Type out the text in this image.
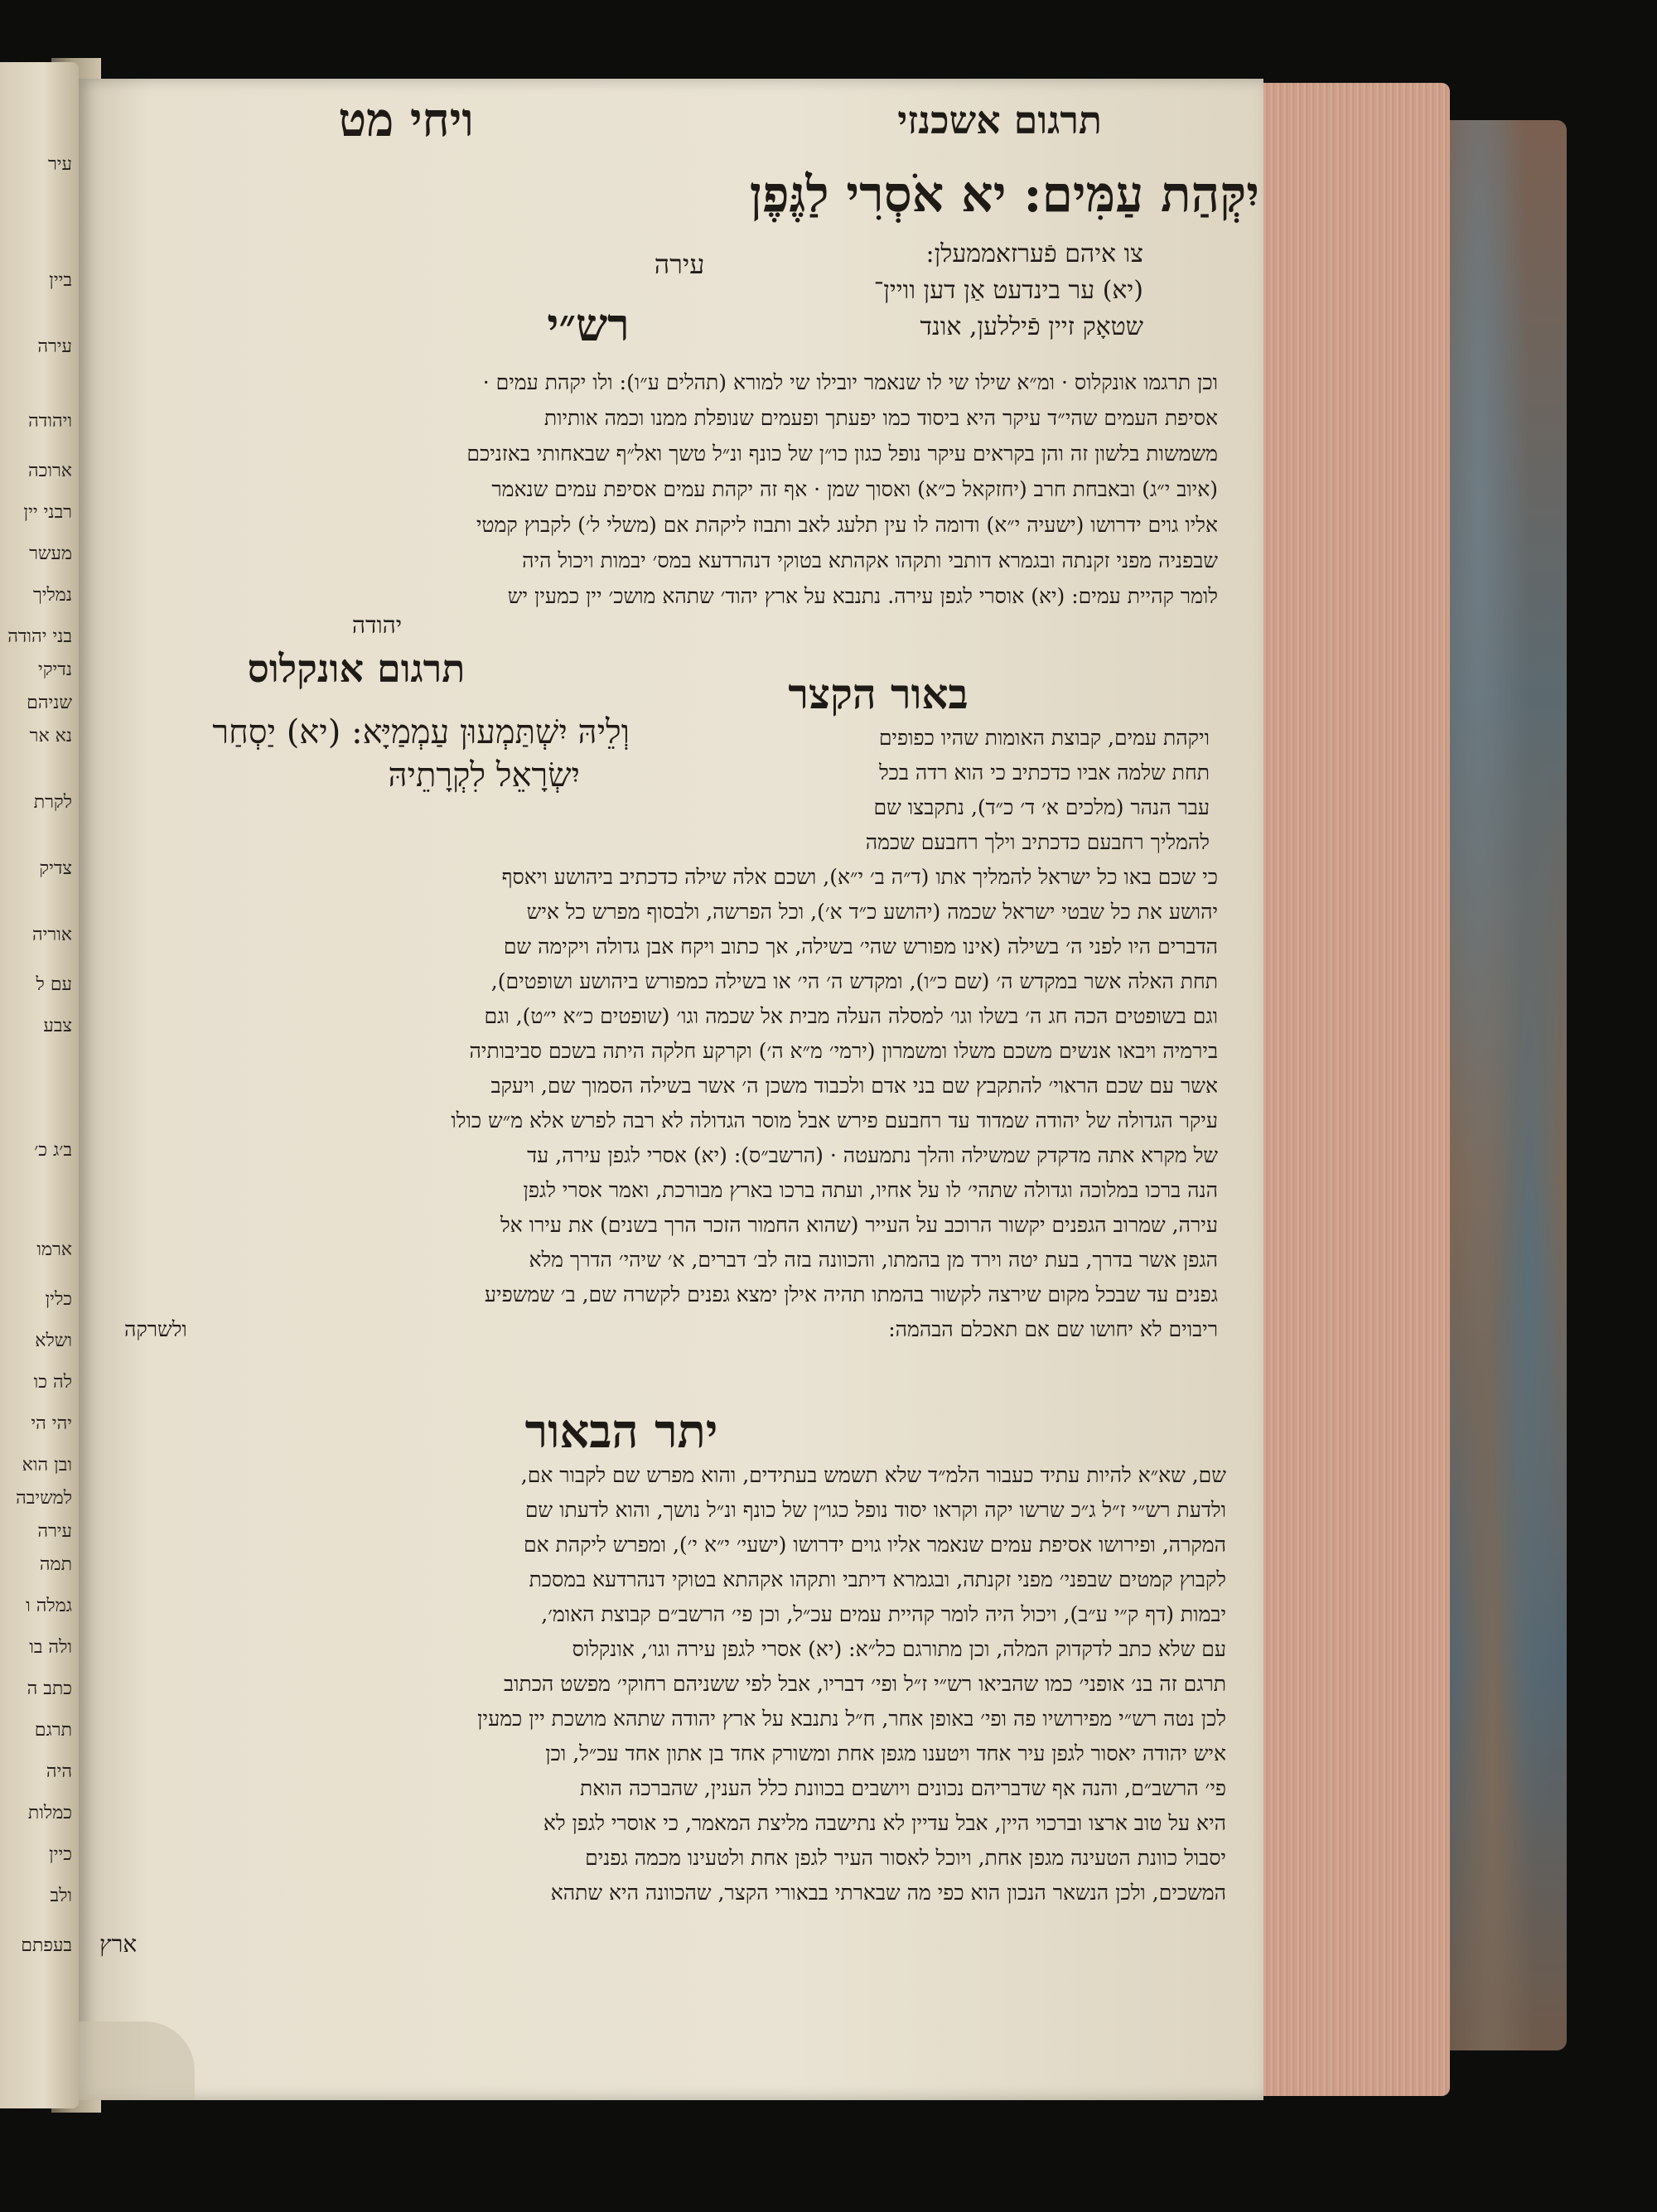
עיר
ביין
עירה
ויהודה
ארוכה
רבני יין
מעשר
נמליך
בני יהודה
נדיקי
שניהם
נא אר
לקרת
צדיק
אוריה
עם ל
צבע
ב׳ג כ׳
ארמו
כלין
ושלא
לה כו
יהי הי
ובן הוא
למשיבה
עירה
תמה
גמלה ו
ולה בו
כתב ה
תרגם
היה
כמלות
כיין
ולב
בעפתם
תרגום אשכנזי
ויחי מט
יִקְּהַת עַמִּים: יא אֹסְרִי לַגֶּפֶן
עירה	צו איהם פֿערזאממעלן:
(יא) ער בינדעט אַן דען וויין־
שטאָק זיין פֿיללען, אונד
רש״י
וכן תרגמו אונקלוס · ומ״א שילו שי לו שנאמר יובילו שי למורא (תהלים ע״ו): ולו יקהת עמים ·
אסיפת העמים שהי״ד עיקר היא ביסוד כמו יפעתך ופעמים שנופלת ממנו וכמה אותיות
משמשות בלשון זה והן בקראים עיקר נופל כגון כו״ן של כונף ונ״ל טשך ואל״ף שבאחותי באזניכם
(איוב י״ג) ובאבחת חרב (יחזקאל כ״א) ואסוך שמן · אף זה יקהת עמים אסיפת עמים שנאמר
אליו גוים ידרושו (ישעיה י״א) ודומה לו עין תלעג לאב ותבוז ליקהת אם (משלי ל׳) לקבוץ קמטי
שבפניה מפני זקנתה ובגמרא דותבי ותקהו אקהתא בטוקי דנהרדעא במס׳ יבמות ויכול היה
לומר קהיית עמים: (יא) אוסרי לגפן עירה. נתנבא על ארץ יהוד׳ שתהא מושכ׳ יין כמעין יש
יהודה
באור הקצר
תרגום אונקלוס
וְלֵיהּ יִשְׁתַּמְעוּן עַמְמַיָּא: (יא) יַסְחַר
יִשְׂרָאֵל לִקְרָתֵיהּ
ויקהת עמים, קבוצת האומות שהיו כפופים
תחת שלמה אביו כדכתיב כי הוא רדה בכל
עבר הנהר (מלכים א׳ ד׳ כ״ד), נתקבצו שם
להמליך רחבעם כדכתיב וילך רחבעם שכמה
כי שכם באו כל ישראל להמליך אתו (ד״ה ב׳ י״א), ושכם אלה שילה כדכתיב ביהושע ויאסף
יהושע את כל שבטי ישראל שכמה (יהושע כ״ד א׳), וכל הפרשה, ולבסוף מפרש כל איש
הדברים היו לפני ה׳ בשילה (אינו מפורש שהי׳ בשילה, אך כתוב ויקח אבן גדולה ויקימה שם
תחת האלה אשר במקדש ה׳ (שם כ״ו), ומקדש ה׳ הי׳ או בשילה כמפורש ביהושע ושופטים),
וגם בשופטים הכה חג ה׳ בשלו וגו׳ למסלה העלה מבית אל שכמה וגו׳ (שופטים כ״א י״ט), וגם
בירמיה ויבאו אנשים משכם משלו ומשמרון (ירמי׳ מ״א ה׳) וקרקע חלקה היתה בשכם סביבותיה
אשר עם שכם הראוי׳ להתקבץ שם בני אדם ולכבוד משכן ה׳ אשר בשילה הסמוך שם, ויעקב
עיקר הגדולה של יהודה שמדוד עד רחבעם פירש אבל מוסר הגדולה לא רבה לפרש אלא מ״ש כולו
של מקרא אתה מדקדק שמשילה והלך נתמעטה · (הרשב״ס): (יא) אסרי לגפן עירה, עד
הנה ברכו במלוכה וגדולה שתהי׳ לו על אחיו, ועתה ברכו בארץ מבורכת, ואמר אסרי לגפן
עירה, שמרוב הגפנים יקשור הרוכב על העייר (שהוא החמור הזכר הרך בשנים) את עירו אל
הגפן אשר בדרך, בעת יטה וירד מן בהמתו, והכוונה בזה לב׳ דברים, א׳ שיהי׳ הדרך מלא
גפנים עד שבכל מקום שירצה לקשור בהמתו תהיה אילן ימצא גפנים לקשרה שם, ב׳ שמשפיע
ריבוים לא יחושו שם אם תאכלם הבהמה:
ולשרקה
יתר הבאור
שם, שא״א להיות עתיד כעבור הלמ״ד שלא תשמש בעתידים, והוא מפרש שם לקבור אם,
ולדעת רש״י ז״ל ג״כ שרשו יקה וקראו יסוד נופל כגו״ן של כונף ונ״ל נושך, והוא לדעתו שם
המקרה, ופירושו אסיפת עמים שנאמר אליו גוים ידרושו (ישעי׳ י״א י׳), ומפרש ליקהת אם
לקבוץ קמטים שבפני׳ מפני זקנתה, ובגמרא דיתבי ותקהו אקהתא בטוקי דנהרדעא במסכת
יבמות (דף ק״י ע״ב), ויכול היה לומר קהיית עמים עכ״ל, וכן פי׳ הרשב״ם קבוצת האומ׳,
עם שלא כתב לדקדוק המלה, וכן מתורגם כל״א: (יא) אסרי לגפן עירה וגו׳, אונקלוס
תרגם זה בנ׳ אופני׳ כמו שהביאו רש״י ז״ל ופי׳ דבריו, אבל לפי ששניהם רחוקי׳ מפשט הכתוב
לכן נטה רש״י מפירושיו פה ופי׳ באופן אחר, ח״ל נתנבא על ארץ יהודה שתהא מושכת יין כמעין
איש יהודה יאסור לגפן עיר אחד ויטענו מגפן אחת ומשורק אחד בן אתון אחד עכ״ל, וכן
פי׳ הרשב״ם, והנה אף שדבריהם נכונים ויושבים בכוונת כלל הענין, שהברכה הואת
היא על טוב ארצו וברכוי היין, אבל עדיין לא נתישבה מליצת המאמר, כי אוסרי לגפן לא
יסבול כוונת הטעינה מגפן אחת, ויוכל לאסור העיר לגפן אחת ולטעינו מכמה גפנים
המשכים, ולכן הנשאר הנכון הוא כפי מה שבארתי בבאורי הקצר, שהכוונה היא שתהא
ארץ
